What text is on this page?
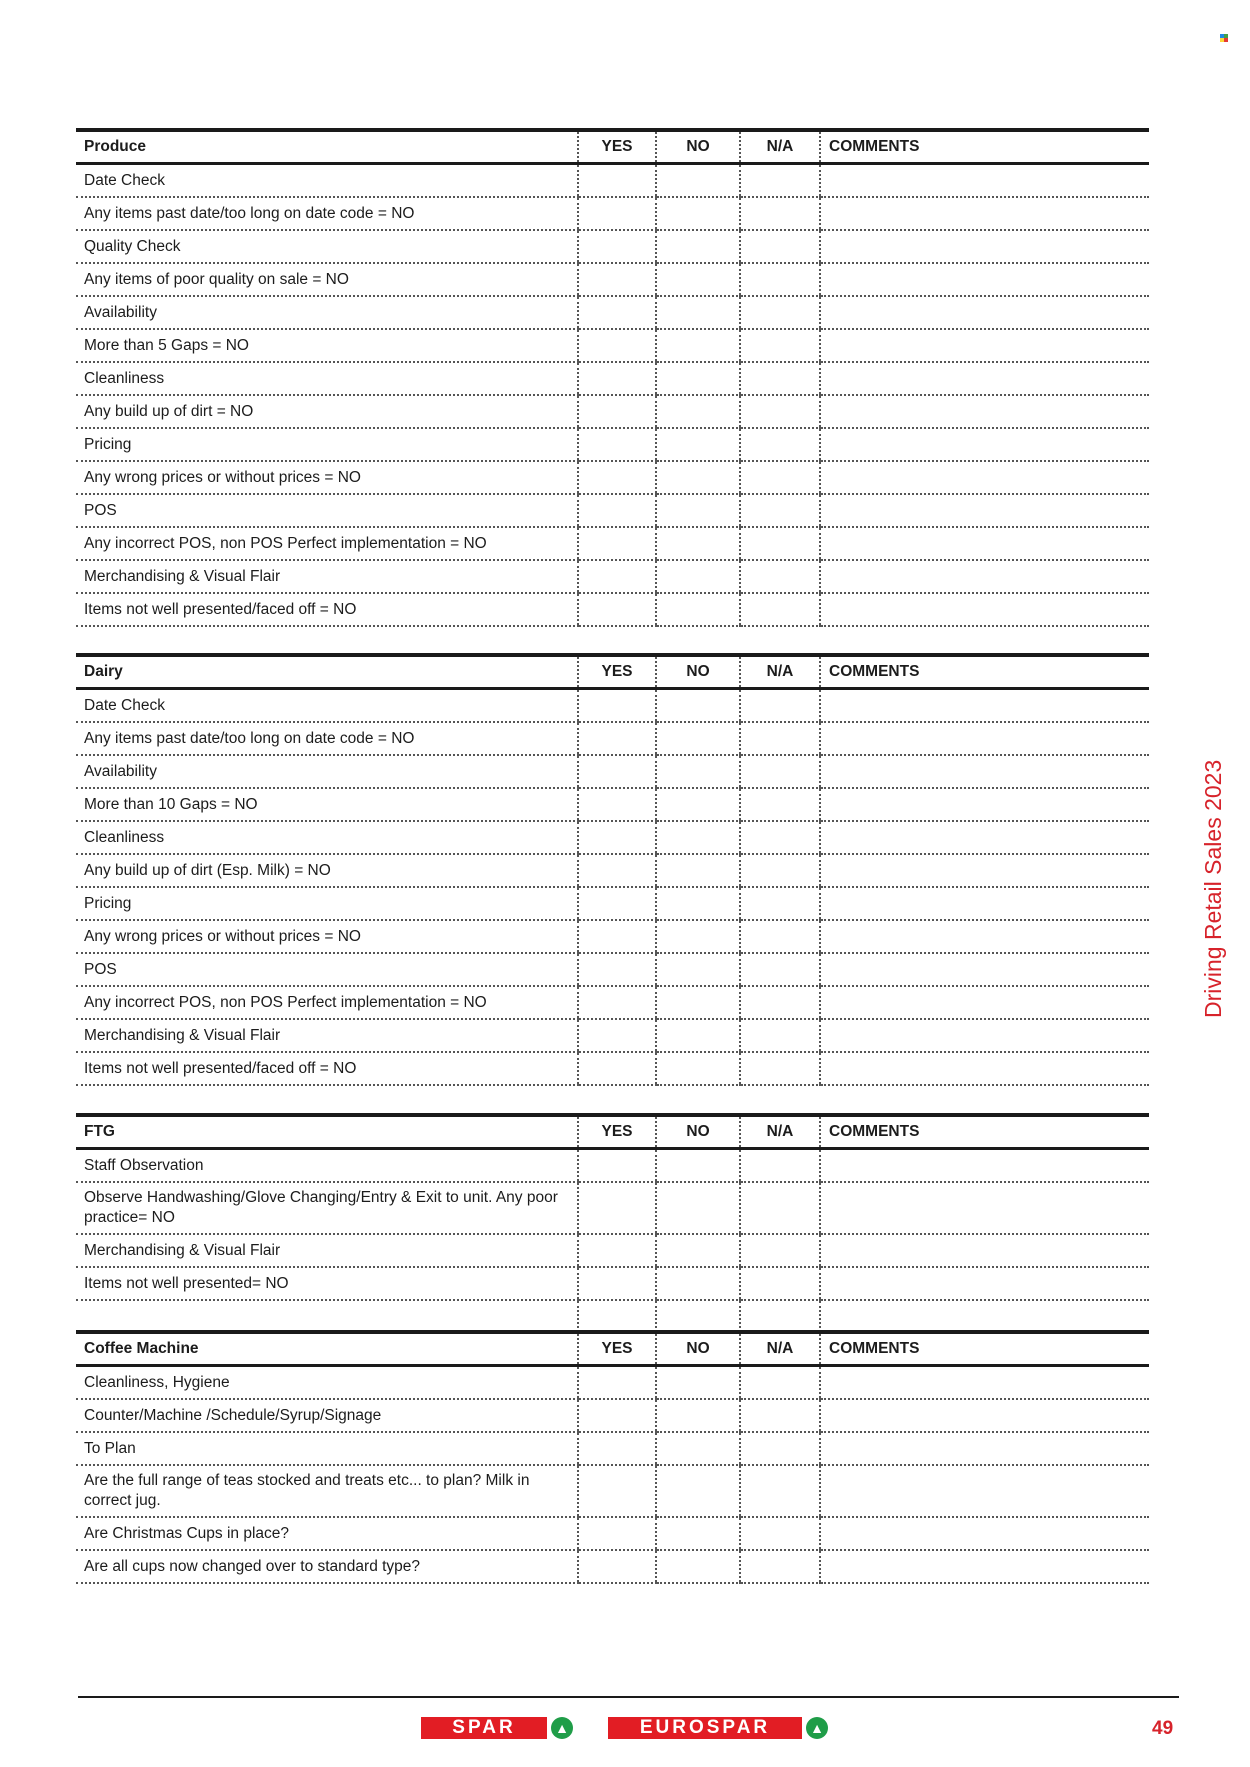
Produce	YES	NO	N/A	COMMENTS
Date Check				
Any items past date/too long on date code = NO				
Quality Check				
Any items of poor quality on sale = NO				
Availability				
More than 5 Gaps = NO				
Cleanliness				
Any build up of dirt = NO				
Pricing				
Any wrong prices or without prices = NO				
POS				
Any incorrect POS, non POS Perfect implementation = NO				
Merchandising & Visual Flair				
Items not well presented/faced off = NO				
Dairy	YES	NO	N/A	COMMENTS
Date Check				
Any items past date/too long on date code = NO				
Availability				
More than 10 Gaps = NO				
Cleanliness				
Any build up of dirt (Esp. Milk) = NO				
Pricing				
Any wrong prices or without prices = NO				
POS				
Any incorrect POS, non POS Perfect implementation = NO				
Merchandising & Visual Flair				
Items not well presented/faced off = NO				
FTG	YES	NO	N/A	COMMENTS
Staff Observation				
Observe Handwashing/Glove Changing/Entry & Exit to unit. Any poor practice= NO				
Merchandising & Visual Flair				
Items not well presented= NO				

Coffee Machine	YES	NO	N/A	COMMENTS
Cleanliness, Hygiene				
Counter/Machine /Schedule/Syrup/Signage				
To Plan				
Are the full range of teas stocked and treats etc... to plan? Milk in correct jug.				
Are Christmas Cups in place?				
Are all cups now changed over to standard type?				
Driving Retail Sales 2023
SPAR	▲	EUROSPAR	▲	49
